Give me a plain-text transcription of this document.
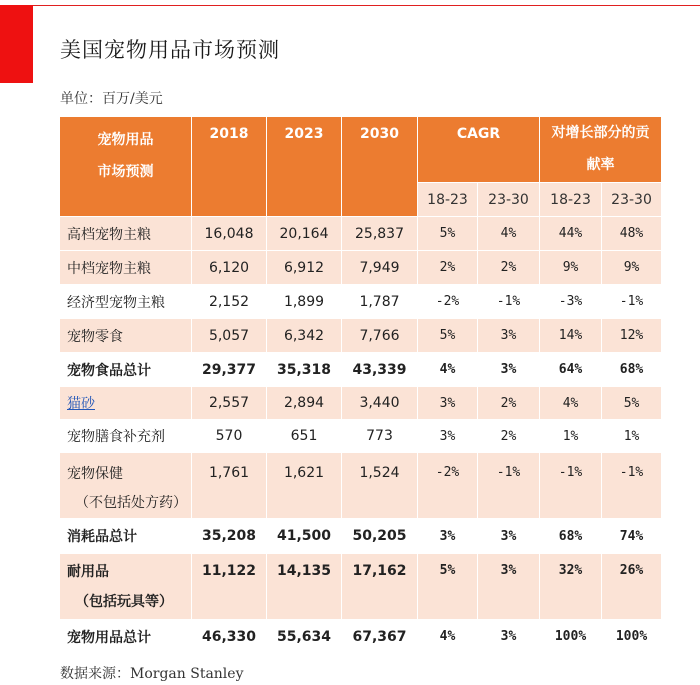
美国宠物用品市场预测
单位：百万/美元
宠物用品
市场预测	2018	2023	2030	CAGR		对增长部分的贡
献率	

				18-23	23-30	18-23	23-30
高档宠物主粮	16,048	20,164	25,837	5%	4%	44%	48%
中档宠物主粮	6,120	6,912	7,949	2%	2%	9%	9%
经济型宠物主粮	2,152	1,899	1,787	-2%	-1%	-3%	-1%
宠物零食	5,057	6,342	7,766	5%	3%	14%	12%
宠物食品总计	29,377	35,318	43,339	4%	3%	64%	68%
猫砂	2,557	2,894	3,440	3%	2%	4%	5%
宠物膳食补充剂	570	651	773	3%	2%	1%	1%

宠物保健
（不包括处方药）	1,761	1,621	1,524	-2%	-1%	-1%	-1%
消耗品总计	35,208	41,500	50,205	3%	3%	68%	74%

耐用品
（包括玩具等）	11,122	14,135	17,162	5%	3%	32%	26%
宠物用品总计	46,330	55,634	67,367	4%	3%	100%	100%
数据来源：Morgan Stanley
